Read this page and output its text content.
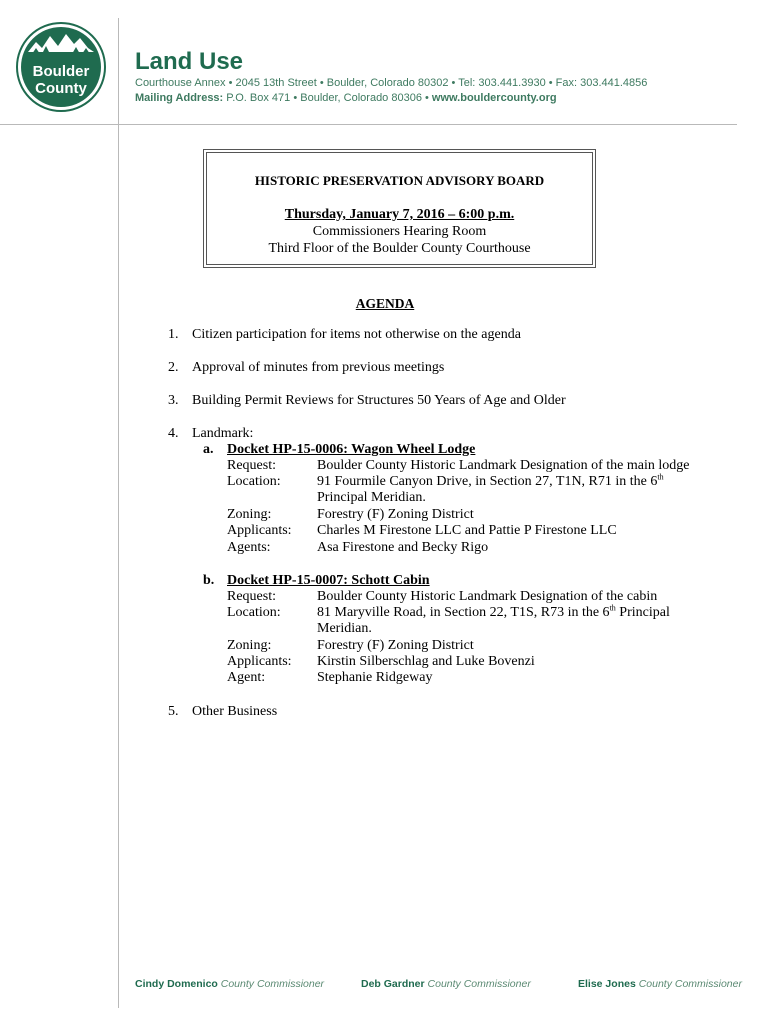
Boulder
County
Land Use
Courthouse Annex • 2045 13th Street • Boulder, Colorado 80302 • Tel: 303.441.3930 • Fax: 303.441.4856
Mailing Address: P.O. Box 471 • Boulder, Colorado 80306 • www.bouldercounty.org
HISTORIC PRESERVATION ADVISORY BOARD
Thursday, January 7, 2016 – 6:00 p.m.
Commissioners Hearing Room
Third Floor of the Boulder County Courthouse
AGENDA
1. Citizen participation for items not otherwise on the agenda
2. Approval of minutes from previous meetings
3. Building Permit Reviews for Structures 50 Years of Age and Older
4. Landmark:
a. Docket HP-15-0006: Wagon Wheel Lodge
Request:	Boulder County Historic Landmark Designation of the main lodge
Location:	91 Fourmile Canyon Drive, in Section 27, T1N, R71 in the 6th
Principal Meridian.
Zoning:	Forestry (F) Zoning District
Applicants: Charles M Firestone LLC and Pattie P Firestone LLC
Agents:	Asa Firestone and Becky Rigo
b. Docket HP-15-0007: Schott Cabin
Request:	Boulder County Historic Landmark Designation of the cabin
Location:	81 Maryville Road, in Section 22, T1S, R73 in the 6th Principal
Meridian.
Zoning:	Forestry (F) Zoning District
Applicants: Kirstin Silberschlag and Luke Bovenzi
Agent:	Stephanie Ridgeway
5. Other Business
Cindy Domenico County Commissioner	Deb Gardner County Commissioner	Elise Jones County Commissioner
